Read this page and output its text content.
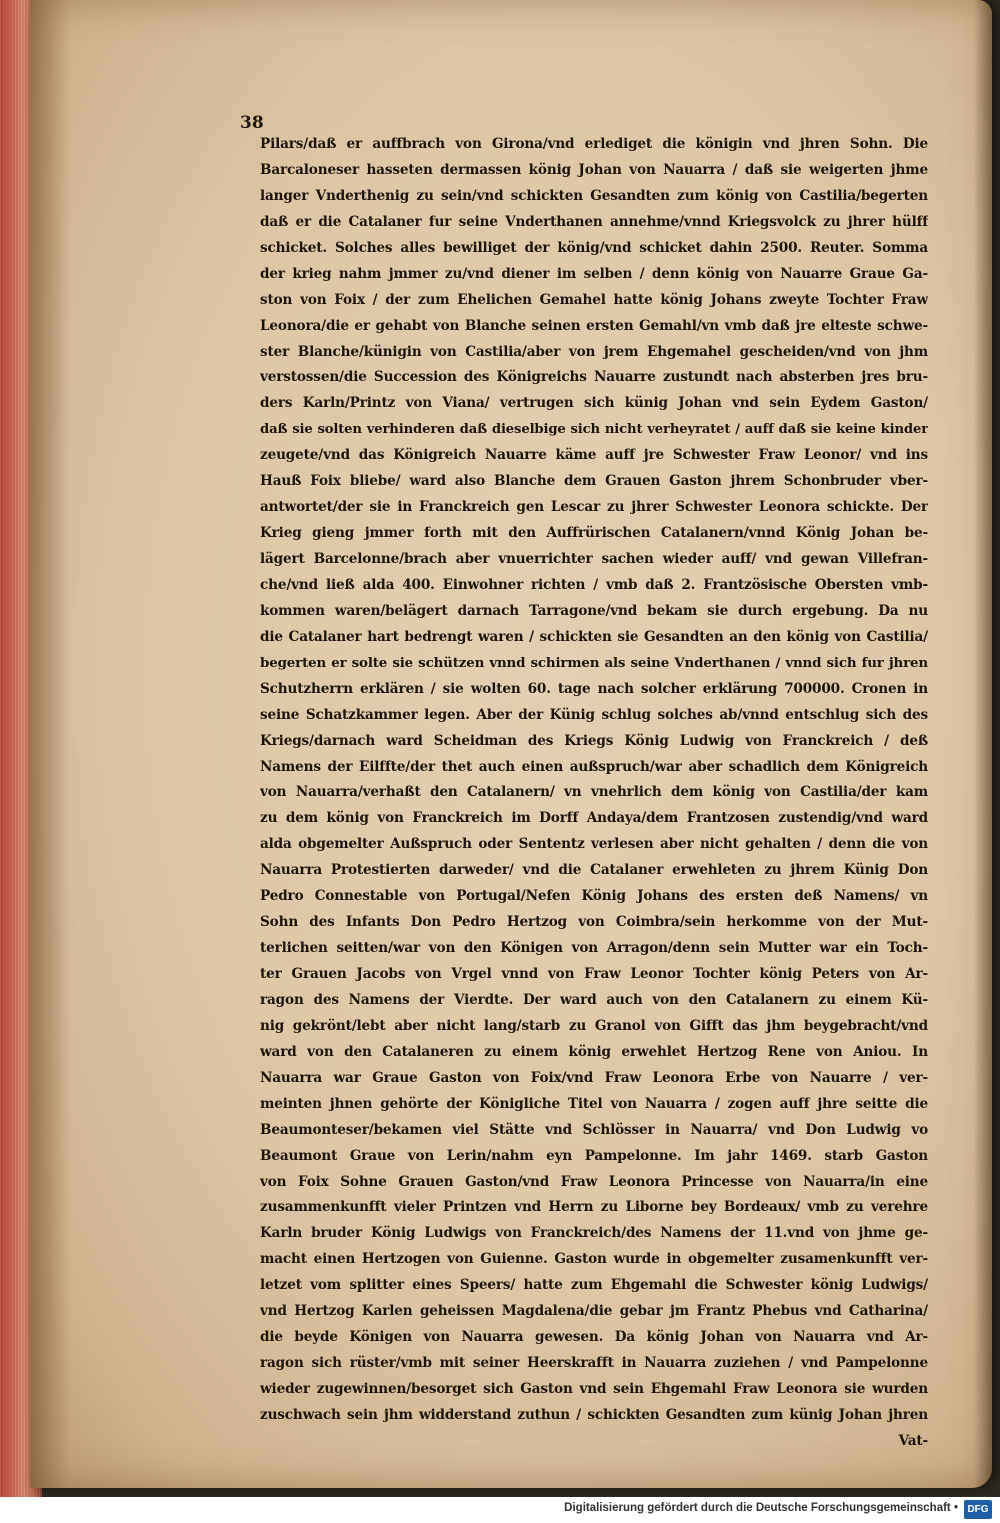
38
Pilars/daß er auffbrach von Girona/vnd erlediget die königin vnd jhren Sohn. Die
Barcaloneser hasseten dermassen könig Johan von Nauarra / daß sie weigerten jhme
langer Vnderthenig zu sein/vnd schickten Gesandten zum könig von Castilia/begerten
daß er die Catalaner fur seine Vnderthanen annehme/vnnd Kriegsvolck zu jhrer hülff
schicket. Solches alles bewilliget der könig/vnd schicket dahin 2500. Reuter. Somma
der krieg nahm jmmer zu/vnd diener im selben / denn könig von Nauarre Graue Ga-
ston von Foix / der zum Ehelichen Gemahel hatte könig Johans zweyte Tochter Fraw
Leonora/die er gehabt von Blanche seinen ersten Gemahl/vn vmb daß jre elteste schwe-
ster Blanche/künigin von Castilia/aber von jrem Ehgemahel gescheiden/vnd von jhm
verstossen/die Succession des Königreichs Nauarre zustundt nach absterben jres bru-
ders Karln/Printz von Viana/ vertrugen sich künig Johan vnd sein Eydem Gaston/
daß sie solten verhinderen daß dieselbige sich nicht verheyratet / auff daß sie keine kinder
zeugete/vnd das Königreich Nauarre käme auff jre Schwester Fraw Leonor/ vnd ins
Hauß Foix bliebe/ ward also Blanche dem Grauen Gaston jhrem Schonbruder vber-
antwortet/der sie in Franckreich gen Lescar zu jhrer Schwester Leonora schickte. Der
Krieg gieng jmmer forth mit den Auffrürischen Catalanern/vnnd König Johan be-
lägert Barcelonne/brach aber vnuerrichter sachen wieder auff/ vnd gewan Villefran-
che/vnd ließ alda 400. Einwohner richten / vmb daß 2. Frantzösische Obersten vmb-
kommen waren/belägert darnach Tarragone/vnd bekam sie durch ergebung. Da nu
die Catalaner hart bedrengt waren / schickten sie Gesandten an den könig von Castilia/
begerten er solte sie schützen vnnd schirmen als seine Vnderthanen / vnnd sich fur jhren
Schutzherrn erklären / sie wolten 60. tage nach solcher erklärung 700000. Cronen in
seine Schatzkammer legen. Aber der Künig schlug solches ab/vnnd entschlug sich des
Kriegs/darnach ward Scheidman des Kriegs König Ludwig von Franckreich / deß
Namens der Eilffte/der thet auch einen außspruch/war aber schadlich dem Königreich
von Nauarra/verhaßt den Catalanern/ vn vnehrlich dem könig von Castilia/der kam
zu dem könig von Franckreich im Dorff Andaya/dem Frantzosen zustendig/vnd ward
alda obgemelter Außspruch oder Sententz verlesen aber nicht gehalten / denn die von
Nauarra Protestierten darweder/ vnd die Catalaner erwehleten zu jhrem Künig Don
Pedro Connestable von Portugal/Nefen König Johans des ersten deß Namens/ vn
Sohn des Infants Don Pedro Hertzog von Coimbra/sein herkomme von der Mut-
terlichen seitten/war von den Königen von Arragon/denn sein Mutter war ein Toch-
ter Grauen Jacobs von Vrgel vnnd von Fraw Leonor Tochter könig Peters von Ar-
ragon des Namens der Vierdte. Der ward auch von den Catalanern zu einem Kü-
nig gekrönt/lebt aber nicht lang/starb zu Granol von Gifft das jhm beygebracht/vnd
ward von den Catalaneren zu einem könig erwehlet Hertzog Rene von Aniou. In
Nauarra war Graue Gaston von Foix/vnd Fraw Leonora Erbe von Nauarre / ver-
meinten jhnen gehörte der Königliche Titel von Nauarra / zogen auff jhre seitte die
Beaumonteser/bekamen viel Stätte vnd Schlösser in Nauarra/ vnd Don Ludwig vo
Beaumont Graue von Lerin/nahm eyn Pampelonne. Im jahr 1469. starb Gaston
von Foix Sohne Grauen Gaston/vnd Fraw Leonora Princesse von Nauarra/in eine
zusammenkunfft vieler Printzen vnd Herrn zu Liborne bey Bordeaux/ vmb zu verehre
Karln bruder König Ludwigs von Franckreich/des Namens der 11.vnd von jhme ge-
macht einen Hertzogen von Guienne. Gaston wurde in obgemelter zusamenkunfft ver-
letzet vom splitter eines Speers/ hatte zum Ehgemahl die Schwester könig Ludwigs/
vnd Hertzog Karlen geheissen Magdalena/die gebar jm Frantz Phebus vnd Catharina/
die beyde Königen von Nauarra gewesen. Da könig Johan von Nauarra vnd Ar-
ragon sich rüster/vmb mit seiner Heerskrafft in Nauarra zuziehen / vnd Pampelonne
wieder zugewinnen/besorget sich Gaston vnd sein Ehgemahl Fraw Leonora sie wurden
zuschwach sein jhm widderstand zuthun / schickten Gesandten zum künig Johan jhren
Vat-
Digitalisierung gefördert durch die Deutsche Forschungsgemeinschaft • DFG
